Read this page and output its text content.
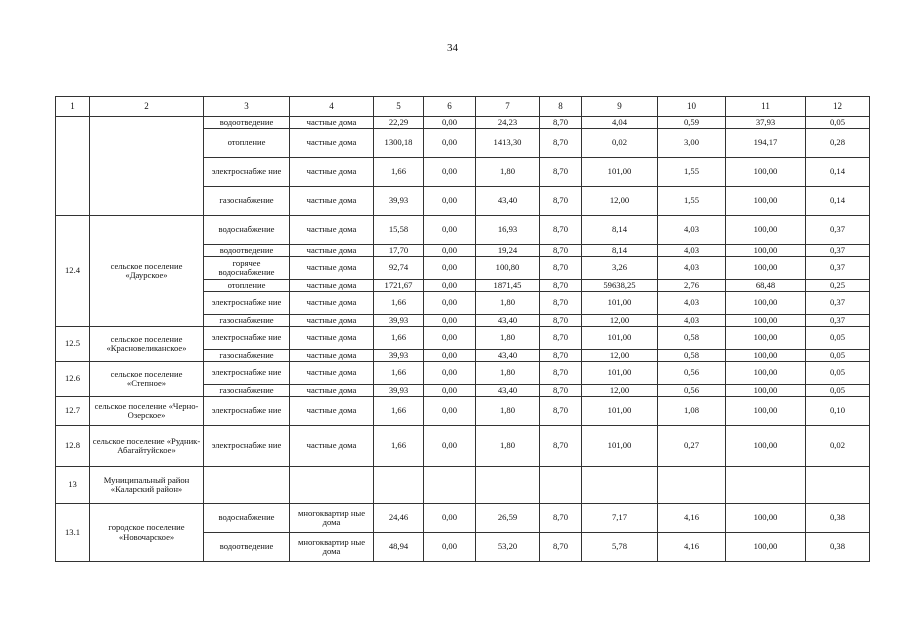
34
1	2	3	4	5	6	7	8	9	10	11	12
		водоотведение	частные дома	22,29	0,00	24,23	8,70	4,04	0,59	37,93	0,05
		отопление	частные дома	1300,18	0,00	1413,30	8,70	0,02	3,00	194,17	0,28
		электроснабже ние	частные дома	1,66	0,00	1,80	8,70	101,00	1,55	100,00	0,14
		газоснабжение	частные дома	39,93	0,00	43,40	8,70	12,00	1,55	100,00	0,14
12.4	сельское поселение «Даурское»	водоснабжение	частные дома	15,58	0,00	16,93	8,70	8,14	4,03	100,00	0,37
		водоотведение	частные дома	17,70	0,00	19,24	8,70	8,14	4,03	100,00	0,37
		горячее водоснабжение	частные дома	92,74	0,00	100,80	8,70	3,26	4,03	100,00	0,37
		отопление	частные дома	1721,67	0,00	1871,45	8,70	59638,25	2,76	68,48	0,25
		электроснабже ние	частные дома	1,66	0,00	1,80	8,70	101,00	4,03	100,00	0,37
		газоснабжение	частные дома	39,93	0,00	43,40	8,70	12,00	4,03	100,00	0,37
12.5	сельское поселение «Красновеликанское»	электроснабже ние	частные дома	1,66	0,00	1,80	8,70	101,00	0,58	100,00	0,05
		газоснабжение	частные дома	39,93	0,00	43,40	8,70	12,00	0,58	100,00	0,05
12.6	сельское поселение «Степное»	электроснабже ние	частные дома	1,66	0,00	1,80	8,70	101,00	0,56	100,00	0,05
		газоснабжение	частные дома	39,93	0,00	43,40	8,70	12,00	0,56	100,00	0,05
12.7	сельское поселение «Черно-Озерское»	электроснабже ние	частные дома	1,66	0,00	1,80	8,70	101,00	1,08	100,00	0,10
12.8	сельское поселение «Рудник-Абагайтуйское»	электроснабже ние	частные дома	1,66	0,00	1,80	8,70	101,00	0,27	100,00	0,02
13	Муниципальный район «Каларский район»										
13.1	городское поселение «Новочарское»	водоснабжение	многоквартир ные дома	24,46	0,00	26,59	8,70	7,17	4,16	100,00	0,38
		водоотведение	многоквартир ные дома	48,94	0,00	53,20	8,70	5,78	4,16	100,00	0,38
